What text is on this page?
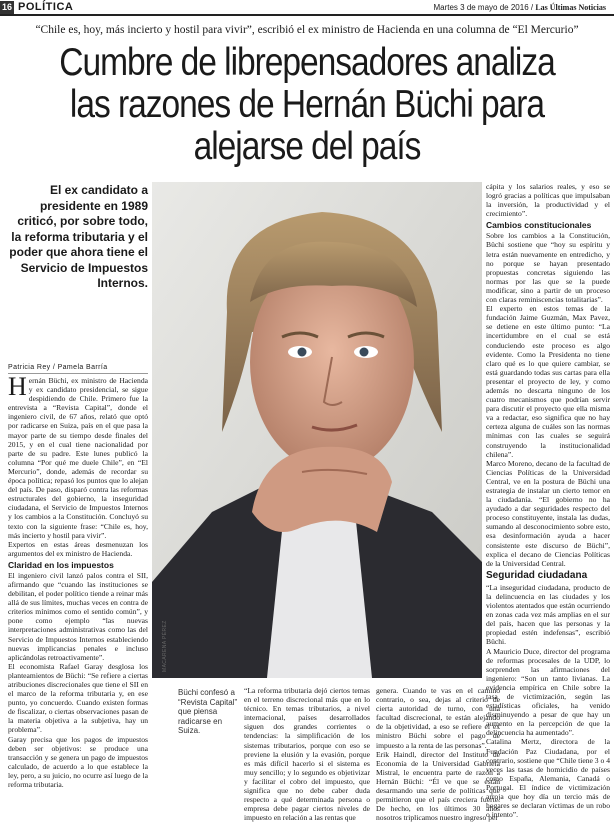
16 POLÍTICA	Martes 3 de mayo de 2016 / Las Últimas Noticias
“Chile es, hoy, más incierto y hostil para vivir”, escribió el ex ministro de Hacienda en una columna de “El Mercurio”
Cumbre de librepensadores analiza
las razones de Hernán Büchi para
alejarse del país
El ex candidato a presidente en 1989 criticó, por sobre todo, la reforma tributaria y el poder que ahora tiene el Servicio de Impuestos Internos.
Patricia Rey / Pamela Barría

Hernán Büchi, ex ministro de Hacienda y ex candidato presidencial, se sigue despidiendo de Chile. Primero fue la entrevista a “Revista Capital”, donde el ingeniero civil, de 67 años, relató que optó por radicarse en Suiza, país en el que pasa la mayor parte de su tiempo desde finales del 2015, y en el cual tiene nacionalidad por parte de su padre. Este lunes publicó la columna “Por qué me duele Chile”, en “El Mercurio”, donde, además de recordar su época política; repasó los puntos que lo alejan del país. De paso, disparó contra las reformas estructurales del gobierno, la inseguridad ciudadana, el Servicio de Impuestos Internos y los cambios a la Constitución. Concluyó su texto con la siguiente frase: “Chile es, hoy, más incierto y hostil para vivir”.

Expertos en estas áreas desmenuzan los argumentos del ex ministro de Hacienda.

Claridad en los impuestos

El ingeniero civil lanzó palos contra el SII, afirmando que “cuando las instituciones se debilitan, el poder político tiende a reinar más allá de sus límites, muchas veces en contra de criterios mínimos como el sentido común”, y pone como ejemplo “las nuevas interpretaciones administrativas como las del Servicio de Impuestos Internos estableciendo nuevas implicancias penales e incluso aplicándolas retroactivamente”.

El economista Rafael Garay desglosa los planteamientos de Büchi: “Se refiere a ciertas atribuciones discrecionales que tiene el SII en el marco de la reforma tributaria y, en ese punto, yo concuerdo. Cuando existen formas de fiscalizar, o ciertas observaciones pasan de la materia objetiva a la subjetiva, hay un problema”.

Garay precisa que los pagos de impuestos deben ser objetivos: se produce una transacción y se genera un pago de impuestos calculado, de acuerdo a lo que establece la ley, pero, a su juicio, no ocurre así luego de la reforma tributaria.

MACARENA PÉREZ
Büchi confesó a “Revista Capital” que piensa radicarse en Suiza.

“La reforma tributaria dejó ciertos temas en el terreno discrecional más que en lo técnico. En temas tributarios, a nivel internacional, países desarrollados siguen dos grandes corrientes o tendencias: la simplificación de los sistemas tributarios, porque con eso se previene la elusión y la evasión, porque es más difícil hacerlo si el sistema es muy sencillo; y lo segundo es objetivizar y facilitar el cobro del impuesto, que significa que no debe caber duda respecto a qué determinada persona o empresa debe pagar ciertos niveles de impuesto en relación a las rentas que

genera. Cuando te vas en el camino contrario, o sea, dejas al criterio de cierta autoridad de turno, con una facultad discrecional, te están alejando de la objetividad, a eso se refiere el ex ministro Büchi sobre el pago de impuesto a la renta de las personas”.

Erik Haindl, director del Instituto de Economía de la Universidad Gabriela Mistral, le encuentra parte de razón a Hernán Büchi: “Él ve que se están desarmando una serie de políticas que permitieron que el país creciera fuerte. De hecho, en los últimos 30 años nosotros triplicamos nuestro ingreso per

cápita y los salarios reales, y eso se logró gracias a políticas que impulsaban la inversión, la productividad y el crecimiento”.

Cambios constitucionales

Sobre los cambios a la Constitución, Büchi sostiene que “hoy su espíritu y letra están nuevamente en entredicho, y no porque se hayan presentado propuestas concretas siguiendo las normas por las que se la puede modificar, sino a partir de un proceso con claras reminiscencias totalitarias”.

El experto en estos temas de la fundación Jaime Guzmán, Max Pavez, se detiene en este último punto: “La incertidumbre en el cual se está conduciendo este proceso es algo evidente. Como la Presidenta no tiene claro qué es lo que quiere cambiar, se está guardando todas sus cartas para ella presentar el proyecto de ley, y como además no descarta ninguno de los cuatro mecanismos que podrían servir para discutir el proyecto que ella misma va a redactar, eso significa que no hay certeza alguna de cuáles son las normas mínimas con las cuales se seguirá construyendo la institucionalidad chilena”.

Marco Moreno, decano de la facultad de Ciencias Políticas de la Universidad Central, ve en la postura de Büchi una estrategia de instalar un cierto temor en la ciudadanía. “El gobierno no ha ayudado a dar seguridades respecto del proceso constituyente, instala las dudas, sumando al desconocimiento sobre esto, esa desinformación ayuda a hacer consistente este discurso de Büchi”, explica el decano de Ciencias Políticas de la Universidad Central.

Seguridad ciudadana

“La inseguridad ciudadana, producto de la delincuencia en las ciudades y los violentos atentados que están ocurriendo en zonas cada vez más amplias en el sur del país, hacen que las personas y la propiedad estén indefensas”, escribió Büchi.

A Mauricio Duce, director del programa de reformas procesales de la UDP, lo sorprenden las afirmaciones del ingeniero: “Son un tanto livianas. La evidencia empírica en Chile sobre la tasa de victimización, según las estadísticas oficiales, ha venido disminuyendo a pesar de que hay un aumento en la percepción de que la delincuencia ha aumentado”.

Catalina Mertz, directora de la Fundación Paz Ciudadana, por el contrario, sostiene que “Chile tiene 3 o 4 veces las tasas de homicidio de países como España, Alemania, Canadá o Portugal. El índice de victimización arroja que hoy día un tercio más de hogares se declaran víctimas de un robo o intento”.
